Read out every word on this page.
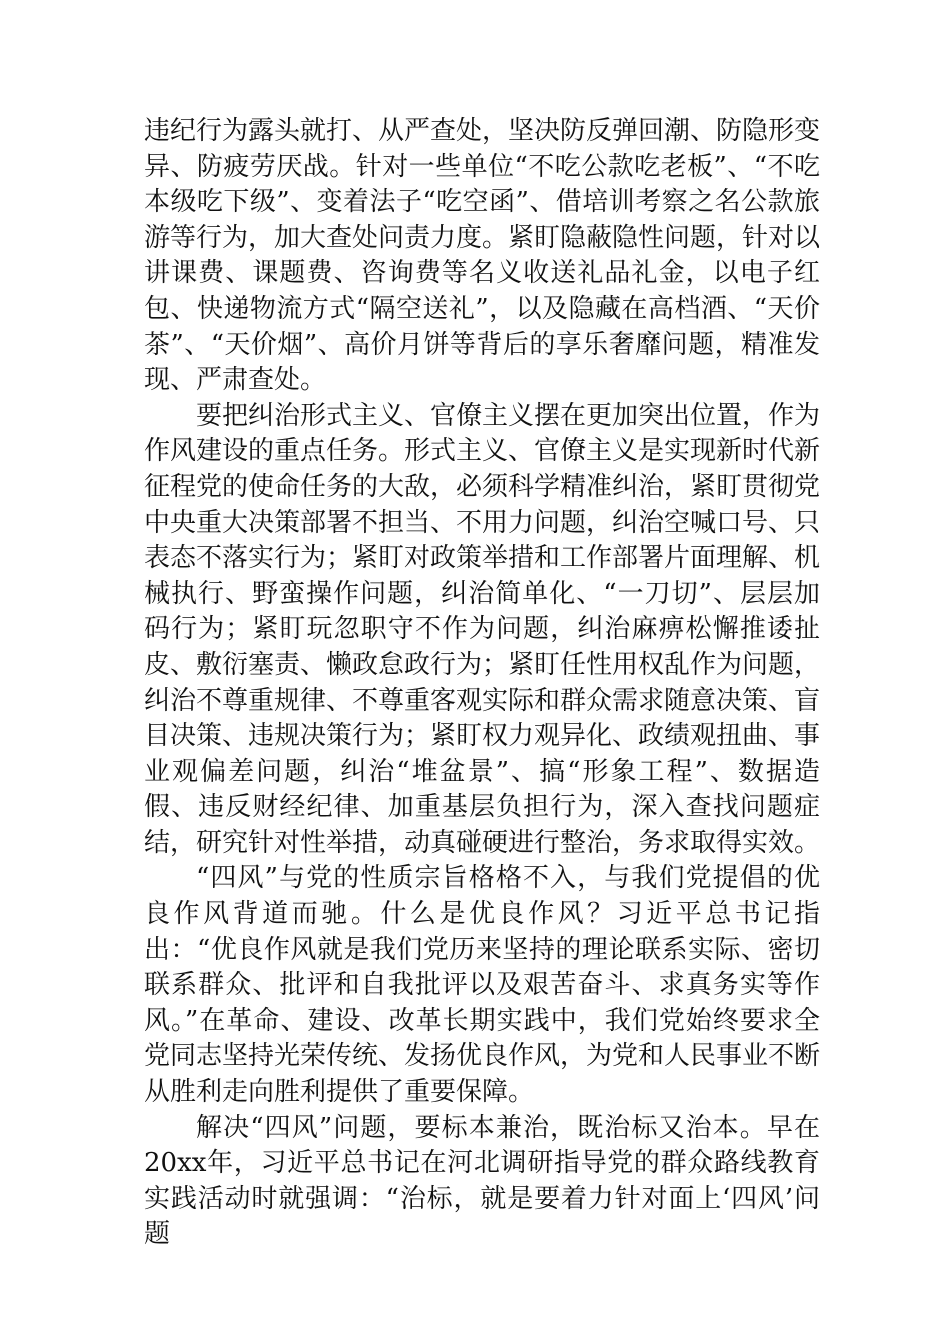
违纪行为露头就打、从严查处，坚决防反弹回潮、防隐形变异、防疲劳厌战。针对一些单位“不吃公款吃老板”、“不吃本级吃下级”、变着法子“吃空函”、借培训考察之名公款旅游等行为，加大查处问责力度。紧盯隐蔽隐性问题，针对以讲课费、课题费、咨询费等名义收送礼品礼金，以电子红包、快递物流方式“隔空送礼”，以及隐藏在高档酒、“天价茶”、“天价烟”、高价月饼等背后的享乐奢靡问题，精准发现、严肃查处。

要把纠治形式主义、官僚主义摆在更加突出位置，作为作风建设的重点任务。形式主义、官僚主义是实现新时代新征程党的使命任务的大敌，必须科学精准纠治，紧盯贯彻党中央重大决策部署不担当、不用力问题，纠治空喊口号、只表态不落实行为；紧盯对政策举措和工作部署片面理解、机械执行、野蛮操作问题，纠治简单化、“一刀切”、层层加码行为；紧盯玩忽职守不作为问题，纠治麻痹松懈推诿扯皮、敷衍塞责、懒政怠政行为；紧盯任性用权乱作为问题，纠治不尊重规律、不尊重客观实际和群众需求随意决策、盲目决策、违规决策行为；紧盯权力观异化、政绩观扭曲、事业观偏差问题，纠治“堆盆景”、搞“形象工程”、数据造假、违反财经纪律、加重基层负担行为，深入查找问题症结，研究针对性举措，动真碰硬进行整治，务求取得实效。

“四风”与党的性质宗旨格格不入，与我们党提倡的优良作风背道而驰。什么是优良作风？习近平总书记指出：“优良作风就是我们党历来坚持的理论联系实际、密切联系群众、批评和自我批评以及艰苦奋斗、求真务实等作风。”在革命、建设、改革长期实践中，我们党始终要求全党同志坚持光荣传统、发扬优良作风，为党和人民事业不断从胜利走向胜利提供了重要保障。

解决“四风”问题，要标本兼治，既治标又治本。早在20xx年，习近平总书记在河北调研指导党的群众路线教育实践活动时就强调：“治标，就是要着力针对面上‘四风’问题
